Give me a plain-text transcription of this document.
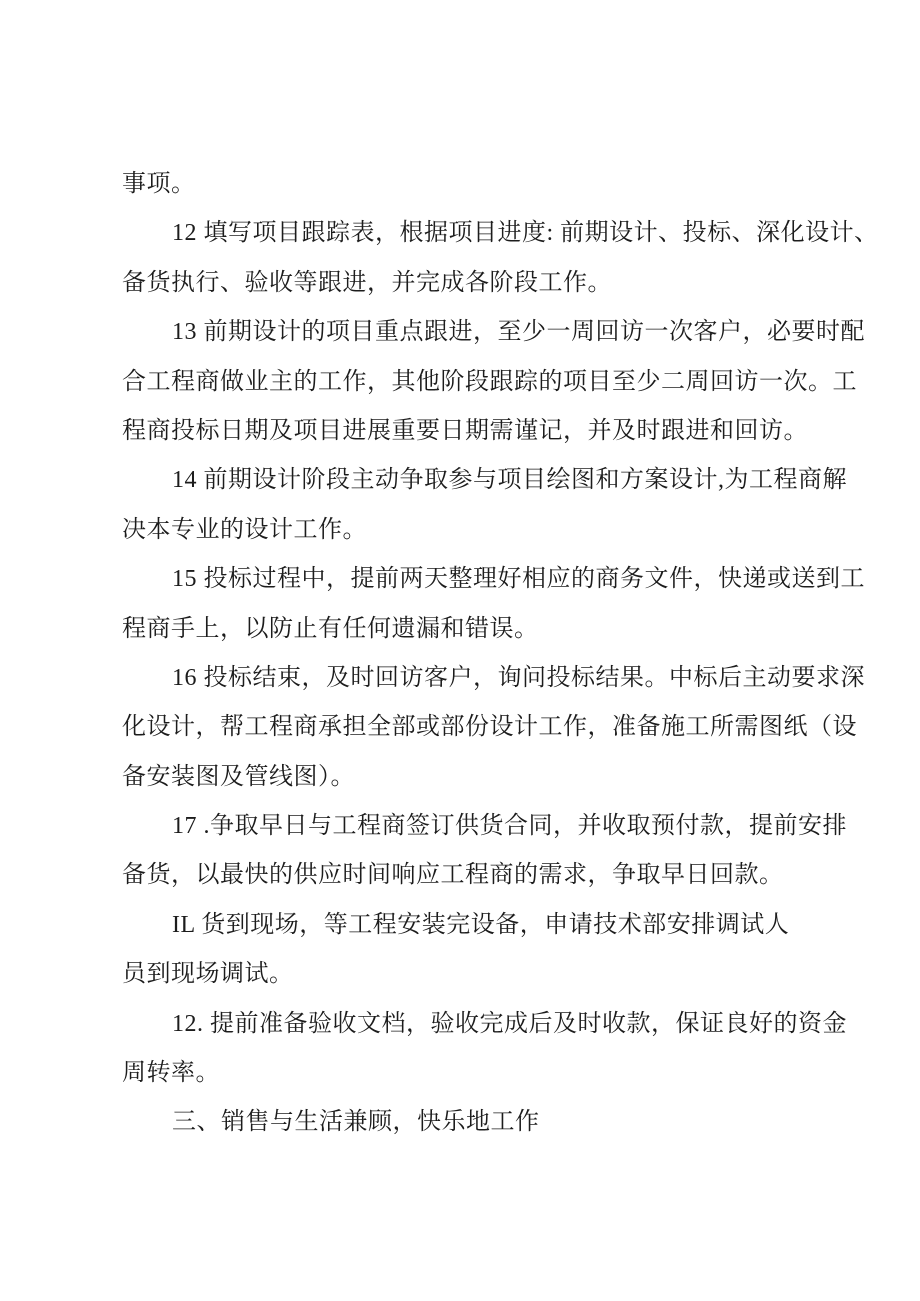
事项。
12 填写项目跟踪表，根据项目进度: 前期设计、投标、深化设计、
备货执行、验收等跟进，并完成各阶段工作。
13 前期设计的项目重点跟进，至少一周回访一次客户，必要时配
合工程商做业主的工作，其他阶段跟踪的项目至少二周回访一次。工
程商投标日期及项目进展重要日期需谨记，并及时跟进和回访。
14 前期设计阶段主动争取参与项目绘图和方案设计,为工程商解
决本专业的设计工作。
15 投标过程中，提前两天整理好相应的商务文件，快递或送到工
程商手上，以防止有任何遗漏和错误。
16 投标结束，及时回访客户，询问投标结果。中标后主动要求深
化设计，帮工程商承担全部或部份设计工作，准备施工所需图纸（设
备安装图及管线图）。
17 .争取早日与工程商签订供货合同，并收取预付款，提前安排
备货，以最快的供应时间响应工程商的需求，争取早日回款。
IL 货到现场，等工程安装完设备，申请技术部安排调试人
员到现场调试。
12. 提前准备验收文档，验收完成后及时收款，保证良好的资金
周转率。
三、销售与生活兼顾，快乐地工作
